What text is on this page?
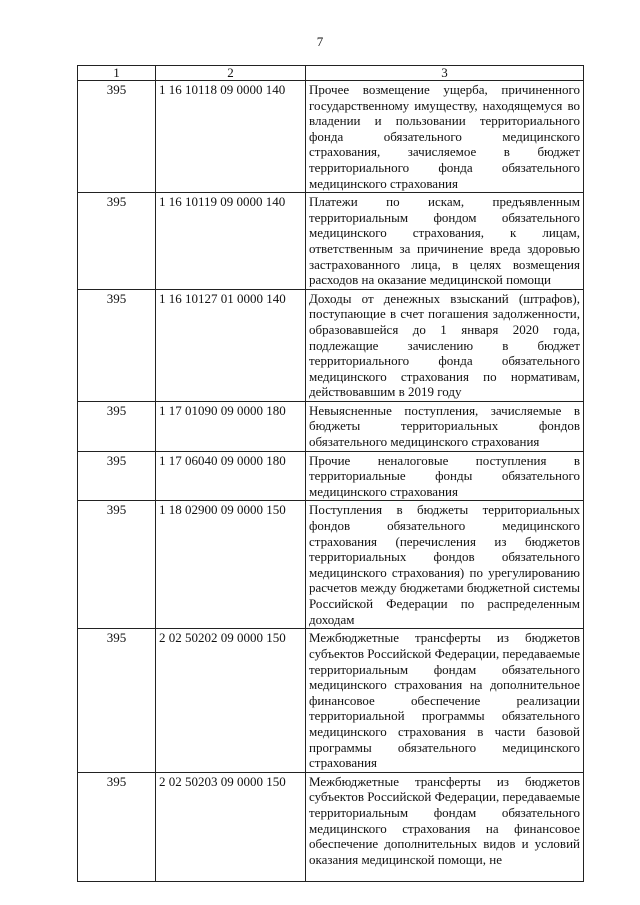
7
1	2	3
395	1 16 10118 09 0000 140	Прочее возмещение ущерба, причиненного государственному имуществу, находящемуся во владении и пользовании территориального фонда обязательного медицинского страхования, зачисляемое в бюджет территориального фонда обязательного медицинского страхования
395	1 16 10119 09 0000 140	Платежи по искам, предъявленным территориальным фондом обязательного медицинского страхования, к лицам, ответственным за причинение вреда здоровью застрахованного лица, в целях возмещения расходов на оказание медицинской помощи
395	1 16 10127 01 0000 140	Доходы от денежных взысканий (штрафов), поступающие в счет погашения задолженности, образовавшейся до 1 января 2020 года, подлежащие зачислению в бюджет территориального фонда обязательного медицинского страхования по нормативам, действовавшим в 2019 году
395	1 17 01090 09 0000 180	Невыясненные поступления, зачисляемые в бюджеты территориальных фондов обязательного медицинского страхования
395	1 17 06040 09 0000 180	Прочие неналоговые поступления в территориальные фонды обязательного медицинского страхования
395	1 18 02900 09 0000 150	Поступления в бюджеты территориальных фондов обязательного медицинского страхования (перечисления из бюджетов территориальных фондов обязательного медицинского страхования) по урегулированию расчетов между бюджетами бюджетной системы Российской Федерации по распределенным доходам
395	2 02 50202 09 0000 150	Межбюджетные трансферты из бюджетов субъектов Российской Федерации, передаваемые территориальным фондам обязательного медицинского страхования на дополнительное финансовое обеспечение реализации территориальной программы обязательного медицинского страхования в части базовой программы обязательного медицинского страхования
395	2 02 50203 09 0000 150	Межбюджетные трансферты из бюджетов субъектов Российской Федерации, передаваемые территориальным фондам обязательного медицинского страхования на финансовое обеспечение дополнительных видов и условий оказания медицинской помощи, не
